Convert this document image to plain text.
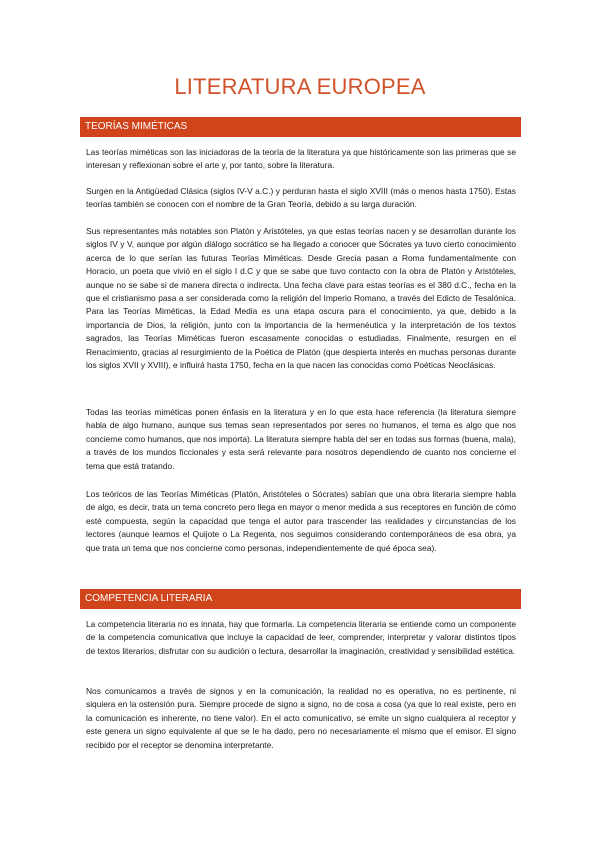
LITERATURA EUROPEA
TEORÍAS MIMÉTICAS

Las teorías miméticas son las iniciadoras de la teoría de la literatura ya que históricamente son las primeras que se interesan y reflexionan sobre el arte y, por tanto, sobre la literatura.

Surgen en la Antigüedad Clásica (siglos IV-V a.C.) y perduran hasta el siglo XVIII (más o menos hasta 1750). Estas teorías también se conocen con el nombre de la Gran Teoría, debido a su larga duración.

Sus representantes más notables son Platón y Aristóteles, ya que estas teorías nacen y se desarrollan durante los siglos IV y V, aunque por algún diálogo socrático se ha llegado a conocer que Sócrates ya tuvo cierto conocimiento acerca de lo que serían las futuras Teorías Miméticas. Desde Grecia pasan a Roma fundamentalmente con Horacio, un poeta que vivió en el siglo I d.C y que se sabe que tuvo contacto con la obra de Platón y Aristóteles, aunque no se sabe si de manera directa o indirecta. Una fecha clave para estas teorías es el 380 d.C., fecha en la que el cristianismo pasa a ser considerada como la religión del Imperio Romano, a través del Edicto de Tesalónica. Para las Teorías Miméticas, la Edad Media es una etapa oscura para el conocimiento, ya que, debido a la importancia de Dios, la religión, junto con la importancia de la hermenéutica y la interpretación de los textos sagrados, las Teorías Miméticas fueron escasamente conocidas o estudiadas. Finalmente, resurgen en el Renacimiento, gracias al resurgimiento de la Poética de Platón (que despierta interés en muchas personas durante los siglos XVII y XVIII), e influirá hasta 1750, fecha en la que nacen las conocidas como Poéticas Neoclásicas.

Todas las teorías miméticas ponen énfasis en la literatura y en lo que esta hace referencia (la literatura siempre habla de algo humano, aunque sus temas sean representados por seres no humanos, el tema es algo que nos concierne como humanos, que nos importa). La literatura siempre habla del ser en todas sus formas (buena, mala), a través de los mundos ficcionales y esta será relevante para nosotros dependiendo de cuanto nos concierne el tema que está tratando.

Los teóricos de las Teorías Miméticas (Platón, Aristóteles o Sócrates) sabían que una obra literaria siempre habla de algo, es decir, trata un tema concreto pero llega en mayor o menor medida a sus receptores en función de cómo esté compuesta, según la capacidad que tenga el autor para trascender las realidades y circunstancias de los lectores (aunque leamos el Quijote o La Regenta, nos seguimos considerando contemporáneos de esa obra, ya que trata un tema que nos concierne como personas, independientemente de qué época sea).

COMPETENCIA LITERARIA

La competencia literaria no es innata, hay que formarla. La competencia literaria se entiende como un componente de la competencia comunicativa que incluye la capacidad de leer, comprender, interpretar y valorar distintos tipos de textos literarios, disfrutar con su audición o lectura, desarrollar la imaginación, creatividad y sensibilidad estética.

Nos comunicamos a través de signos y en la comunicación, la realidad no es operativa, no es pertinente, ni siquiera en la ostensión pura. Siempre procede de signo a signo, no de cosa a cosa (ya que lo real existe, pero en la comunicación es inherente, no tiene valor). En el acto comunicativo, se emite un signo cualquiera al receptor y este genera un signo equivalente al que se le ha dado, pero no necesariamente el mismo que el emisor. El signo recibido por el receptor se denomina interpretante.
